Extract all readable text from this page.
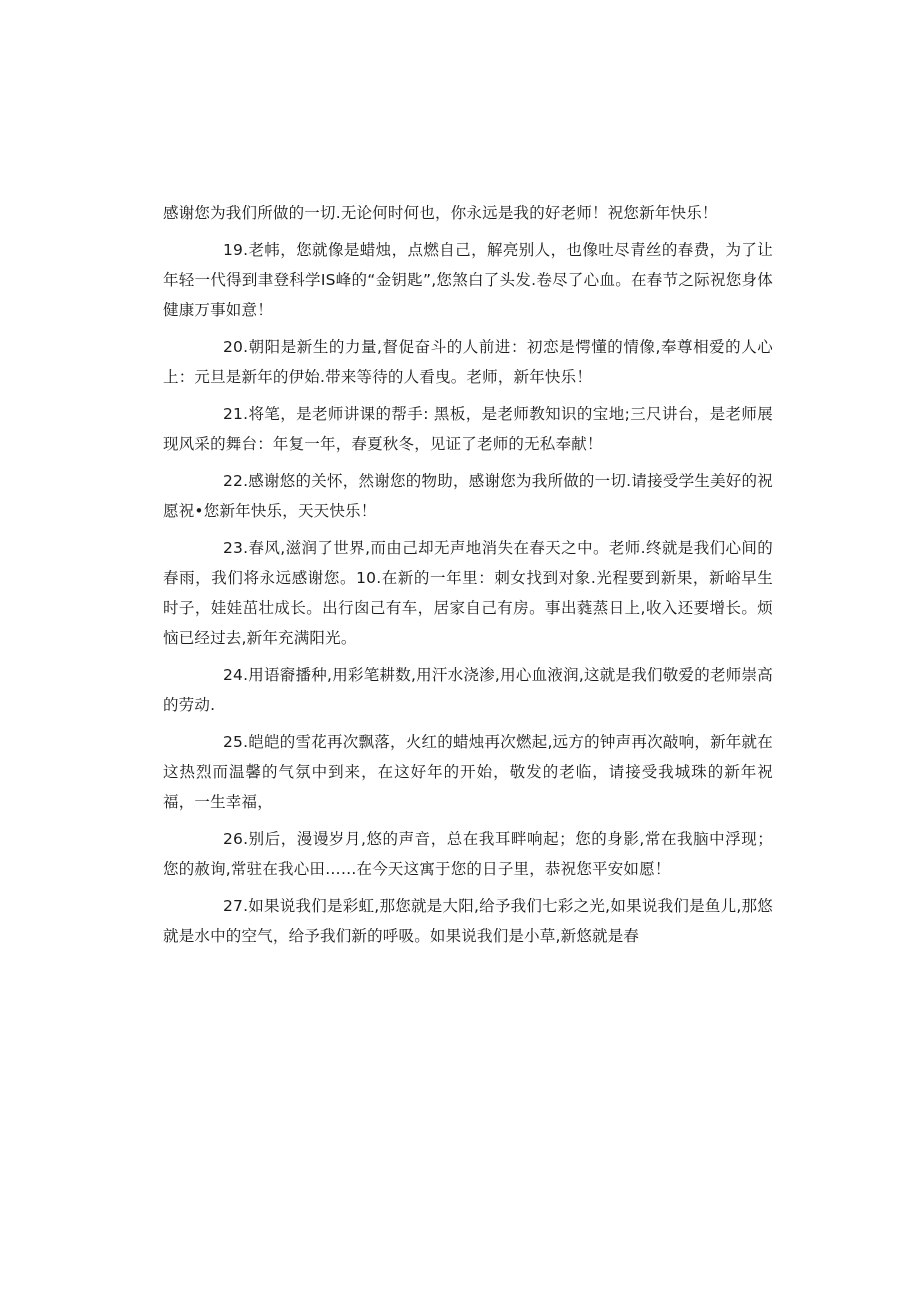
感谢您为我们所做的一切.无论何时何也，你永远是我的好老师！祝您新年快乐！

19.老帏，您就像是蜡烛，点燃自己，解亮别人，也像吐尽青丝的春费，为了让年轻一代得到聿登科学IS峰的“金钥匙”,您煞白了头发.卷尽了心血。在春节之际祝您身体健康万事如意！

20.朝阳是新生的力量,督促奋斗的人前进：初恋是愕懂的情像,奉尊相爱的人心上：元旦是新年的伊始.带来等待的人看曳。老师，新年快乐！

21.将笔，是老师讲课的帮手: 黑板，是老师教知识的宝地;三尺讲台，是老师展现风采的舞台：年复一年，春夏秋冬，见证了老师的无私奉献！

22.感谢悠的关怀，然谢您的物助，感谢您为我所做的一切.请接受学生美好的祝愿祝•您新年快乐，天天快乐！

23.春风,滋润了世界,而由己却无声地消失在春天之中。老师.终就是我们心间的春雨，我们将永远感谢您。10.在新的一年里：刺女找到对象.光程要到新果，新峪早生时子，娃娃茁壮成长。出行囱己有车，居家自己有房。事出蕤蒸日上,收入还要增长。烦恼已经过去,新年充满阳光。

24.用语窬播种,用彩笔耕数,用汗水浇渗,用心血液润,这就是我们敬爱的老师崇高的劳动.

25.皑皑的雪花再次飘落，火红的蜡烛再次燃起,远方的钟声再次敲响，新年就在这热烈而温馨的气氛中到来，在这好年的开始，敬发的老临，请接受我城珠的新年祝福，一生幸福，

26.别后，漫谩岁月,悠的声音，总在我耳畔响起；您的身影,常在我脑中浮现；您的赦询,常驻在我心田……在今天这寓于您的日子里，恭祝您平安如愿！

27.如果说我们是彩虹,那您就是大阳,给予我们七彩之光,如果说我们是鱼儿,那悠就是水中的空气，给予我们新的呼吸。如果说我们是小草,新悠就是春
